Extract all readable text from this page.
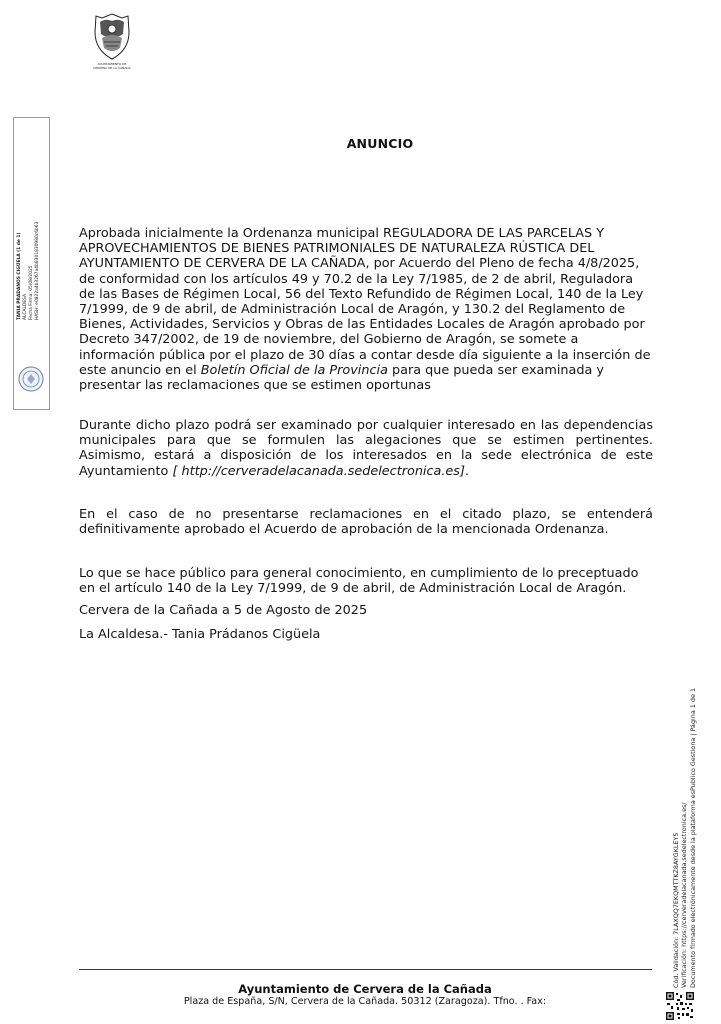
AYUNTAMIENTO DE
CERVERA DE LA CAÑADA
TANIA PRADANOS CIGÜELA (1 de 1) ALCALDESA Fecha Firma: 05/08/2025 HASH: e0822a4b3267a4b8301830980c6b63
ANUNCIO
Aprobada inicialmente la Ordenanza municipal REGULADORA DE LAS PARCELAS Y APROVECHAMIENTOS DE BIENES PATRIMONIALES DE NATURALEZA RÚSTICA DEL AYUNTAMIENTO DE CERVERA DE LA CAÑADA, por Acuerdo del Pleno de fecha 4/8/2025, de conformidad con los artículos 49 y 70.2 de la Ley 7/1985, de 2 de abril, Reguladora de las Bases de Régimen Local, 56 del Texto Refundido de Régimen Local, 140 de la Ley 7/1999, de 9 de abril, de Administración Local de Aragón, y 130.2 del Reglamento de Bienes, Actividades, Servicios y Obras de las Entidades Locales de Aragón aprobado por Decreto 347/2002, de 19 de noviembre, del Gobierno de Aragón, se somete a información pública por el plazo de 30 días a contar desde día siguiente a la inserción de este anuncio en el Boletín Oficial de la Provincia para que pueda ser examinada y presentar las reclamaciones que se estimen oportunas
Durante dicho plazo podrá ser examinado por cualquier interesado en las dependencias municipales para que se formulen las alegaciones que se estimen pertinentes. Asimismo, estará a disposición de los interesados en la sede electrónica de este Ayuntamiento [ http://cerveradelacanada.sedelectronica.es].
En el caso de no presentarse reclamaciones en el citado plazo, se entenderá definitivamente aprobado el Acuerdo de aprobación de la mencionada Ordenanza.
Lo que se hace público para general conocimiento, en cumplimiento de lo preceptuado en el artículo 140 de la Ley 7/1999, de 9 de abril, de Administración Local de Aragón.
Cervera de la Cañada a 5 de Agosto de 2025
La Alcaldesa.- Tania Prádanos Cigüela
Ayuntamiento de Cervera de la Cañada
Plaza de España, S/N, Cervera de la Cañada. 50312 (Zaragoza). Tfno. . Fax:
Cód. Validación: 7LAXQQ7EKQMTTKZ8AYGKLEY5 Verificación: https://cerveradelacanada.sedelectronica.es/ Documento firmado electrónicamente desde la plataforma esPublico Gestiona | Página 1 de 1
